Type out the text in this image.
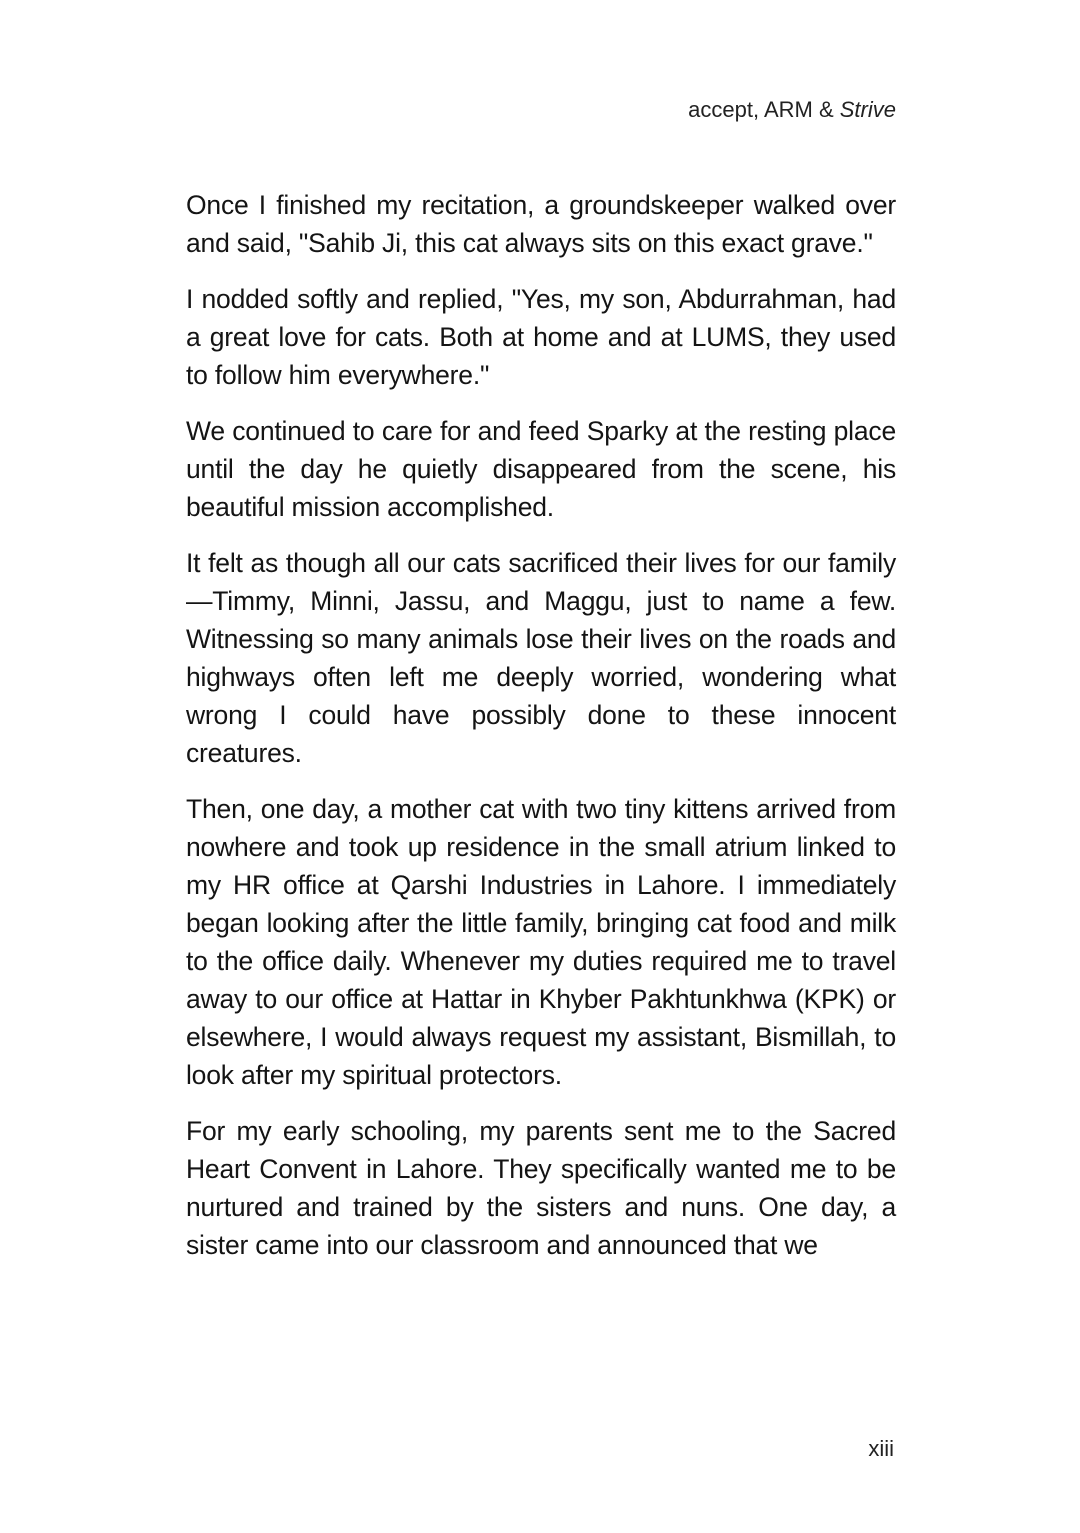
accept, ARM & Strive

Once I finished my recitation, a groundskeeper walked over and said, "Sahib Ji, this cat always sits on this exact grave."

I nodded softly and replied, "Yes, my son, Abdurrahman, had a great love for cats. Both at home and at LUMS, they used to follow him everywhere."

We continued to care for and feed Sparky at the resting place until the day he quietly disappeared from the scene, his beautiful mission accomplished.

It felt as though all our cats sacrificed their lives for our family—Timmy, Minni, Jassu, and Maggu, just to name a few. Witnessing so many animals lose their lives on the roads and highways often left me deeply worried, wondering what wrong I could have possibly done to these innocent creatures.

Then, one day, a mother cat with two tiny kittens arrived from nowhere and took up residence in the small atrium linked to my HR office at Qarshi Industries in Lahore. I immediately began looking after the little family, bringing cat food and milk to the office daily. Whenever my duties required me to travel away to our office at Hattar in Khyber Pakhtunkhwa (KPK) or elsewhere, I would always request my assistant, Bismillah, to look after my spiritual protectors.

For my early schooling, my parents sent me to the Sacred Heart Convent in Lahore. They specifically wanted me to be nurtured and trained by the sisters and nuns. One day, a sister came into our classroom and announced that we

xiii
